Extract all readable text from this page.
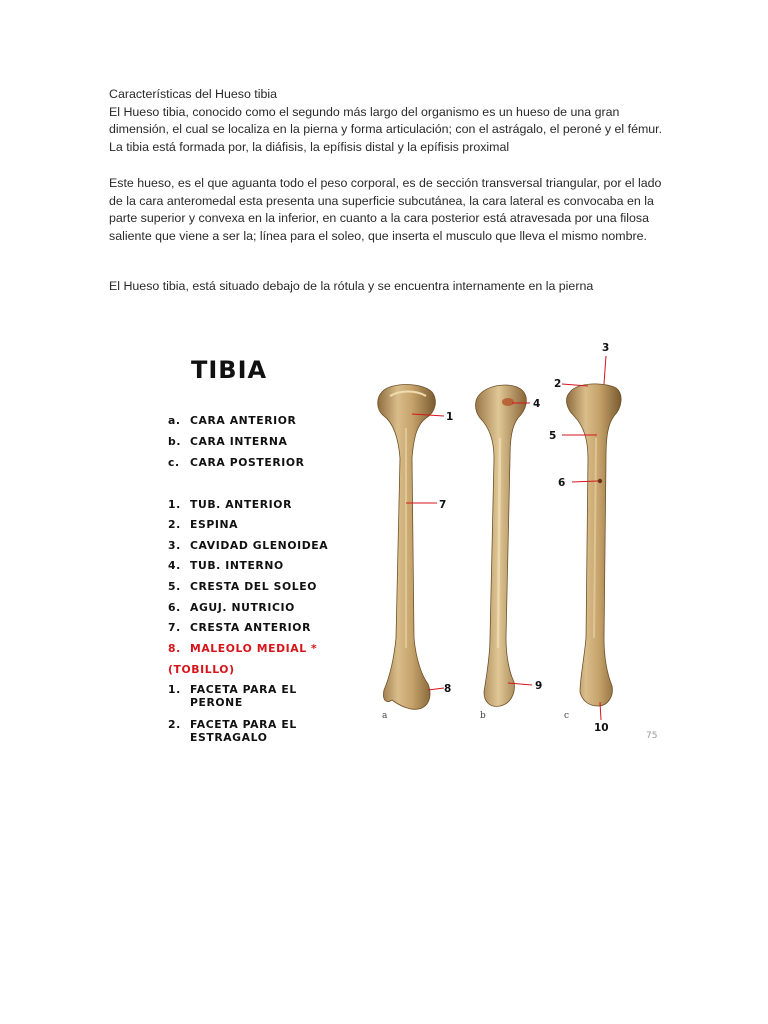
Características del Hueso tibia

El Hueso tibia, conocido como el segundo más largo del organismo es un hueso de una gran dimensión, el cual se localiza en la pierna y forma articulación; con el astrágalo, el peroné y el fémur. La tibia está formada por, la diáfisis, la epífisis distal y la epífisis proximal

Este hueso, es el que aguanta todo el peso corporal, es de sección transversal triangular, por el lado de la cara anteromedal esta presenta una superficie subcutánea, la cara lateral es convocaba en la parte superior y convexa en la inferior, en cuanto a la cara posterior está atravesada por una filosa saliente que viene a ser la; línea para el soleo, que inserta el musculo que lleva el mismo nombre.

El Hueso tibia, está situado debajo de la rótula y se encuentra internamente en la pierna

TIBIA
a. CARA ANTERIOR
b. CARA INTERNA
c. CARA POSTERIOR
1. TUB. ANTERIOR
2. ESPINA
3. CAVIDAD GLENOIDEA
4. TUB. INTERNO
5. CRESTA DEL SOLEO
6. AGUJ. NUTRICIO
7. CRESTA ANTERIOR
8. MALEOLO MEDIAL *
(TOBILLO)
1. FACETA PARA EL PERONE
2. FACETA PARA EL ESTRAGALO
1
2
3
4
5
6
7
8	9
10
a	b	c
75
